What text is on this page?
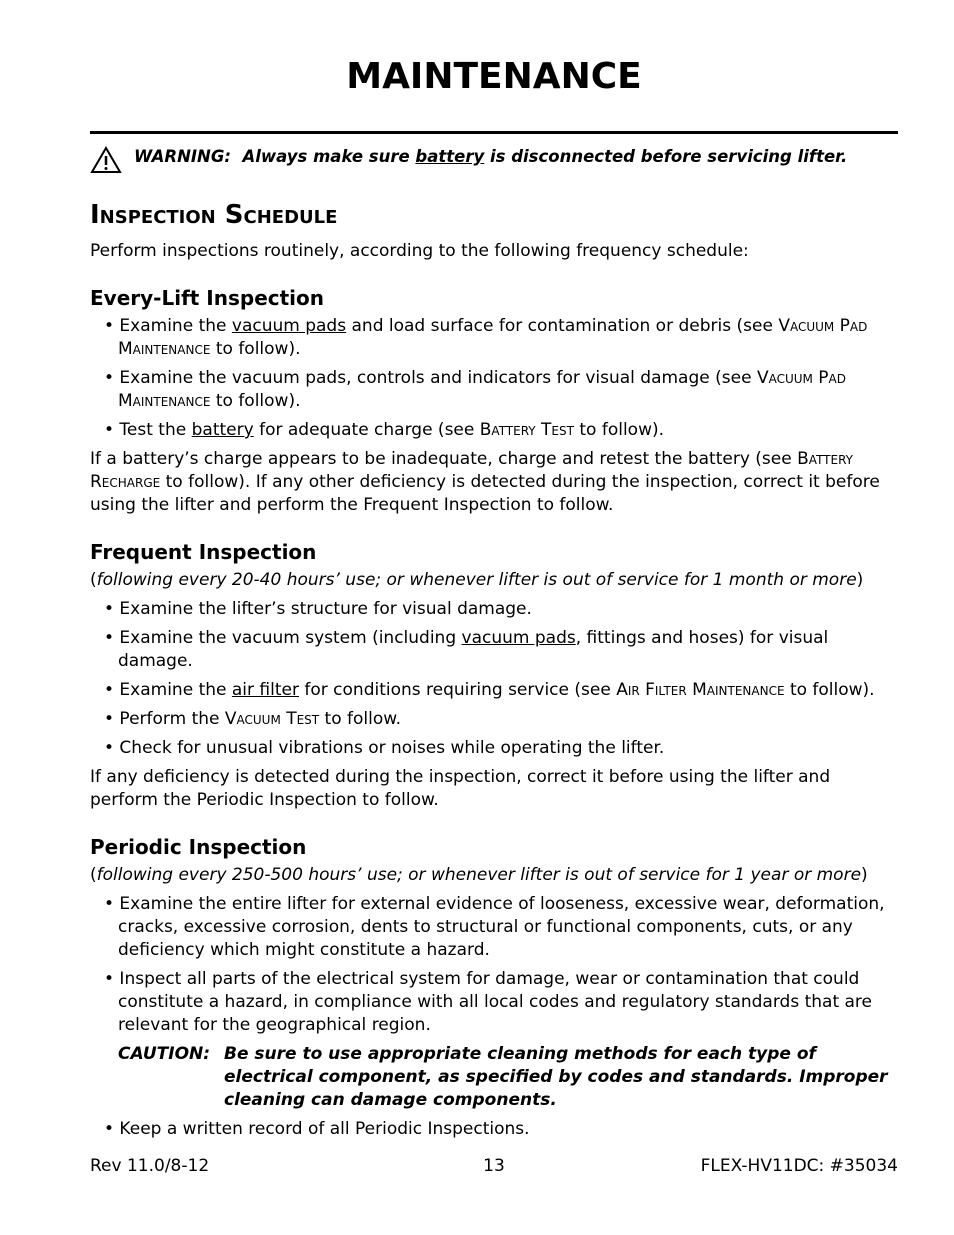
MAINTENANCE
WARNING: Always make sure battery is disconnected before servicing lifter.
Inspection Schedule

Perform inspections routinely, according to the following frequency schedule:

Every-Lift Inspection

• Examine the vacuum pads and load surface for contamination or debris (see Vacuum Pad Maintenance to follow).

• Examine the vacuum pads, controls and indicators for visual damage (see Vacuum Pad Maintenance to follow).

• Test the battery for adequate charge (see Battery Test to follow).

If a battery’s charge appears to be inadequate, charge and retest the battery (see Battery Recharge to follow). If any other deficiency is detected during the inspection, correct it before using the lifter and perform the Frequent Inspection to follow.

Frequent Inspection

(following every 20-40 hours’ use; or whenever lifter is out of service for 1 month or more)

• Examine the lifter’s structure for visual damage.

• Examine the vacuum system (including vacuum pads, fittings and hoses) for visual damage.

• Examine the air filter for conditions requiring service (see Air Filter Maintenance to follow).

• Perform the Vacuum Test to follow.

• Check for unusual vibrations or noises while operating the lifter.

If any deficiency is detected during the inspection, correct it before using the lifter and perform the Periodic Inspection to follow.

Periodic Inspection

(following every 250-500 hours’ use; or whenever lifter is out of service for 1 year or more)

• Examine the entire lifter for external evidence of looseness, excessive wear, deformation, cracks, excessive corrosion, dents to structural or functional components, cuts, or any deficiency which might constitute a hazard.

• Inspect all parts of the electrical system for damage, wear or contamination that could constitute a hazard, in compliance with all local codes and regulatory standards that are relevant for the geographical region.

CAUTION: Be sure to use appropriate cleaning methods for each type of electrical component, as specified by codes and standards. Improper cleaning can damage components.

• Keep a written record of all Periodic Inspections.

Rev 11.0/8-12	13	FLEX-HV11DC: #35034
